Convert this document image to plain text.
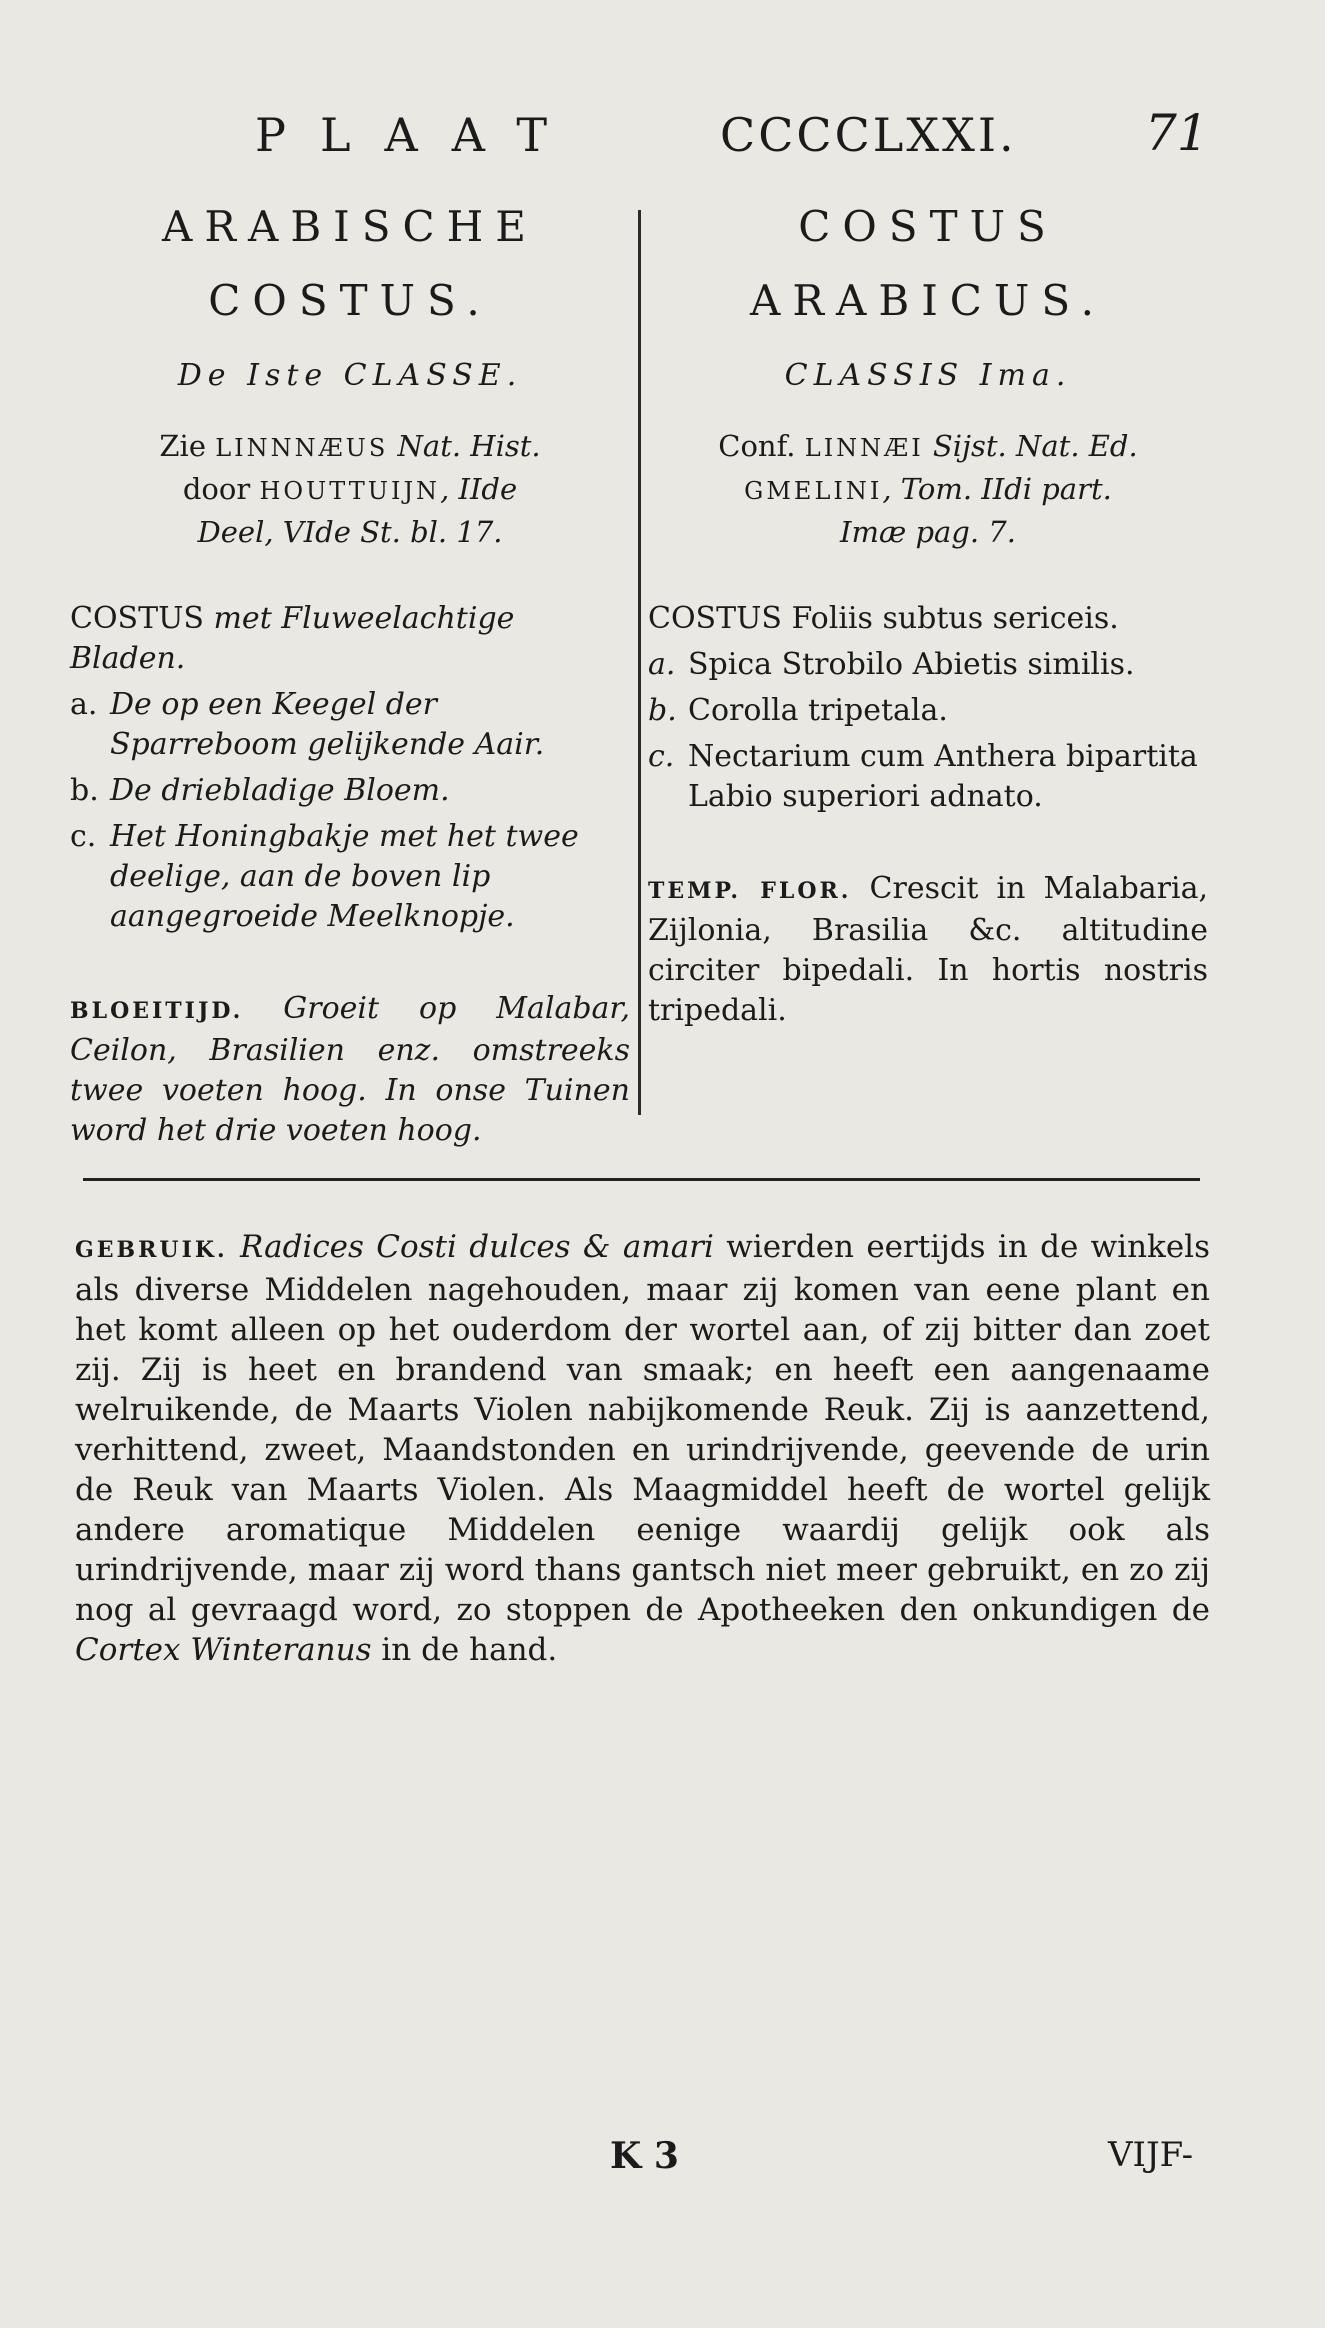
PLAAT	CCCCLXXI.	71
ARABISCHE
COSTUS.
De Iste CLASSE.
Zie LINNNÆUS Nat. Hist.
door HOUTTUIJN, IIde
Deel, VIde St. bl. 17.
COSTUS met Fluweelachtige Bladen.
a. De op een Keegel der Sparreboom gelijkende Aair.
b. De driebladige Bloem.
c. Het Honingbakje met het twee deelige, aan de boven lip aangegroeide Meelknopje.
BLOEITIJD. Groeit op Malabar, Ceilon, Brasilien enz. omstreeks twee voeten hoog. In onse Tuinen word het drie voeten hoog.
COSTUS
ARABICUS.
CLASSIS Ima.
Conf. LINNÆI Sijst. Nat. Ed.
GMELINI, Tom. IIdi part.
Imæ pag. 7.
COSTUS Foliis subtus sericeis.
a. Spica Strobilo Abietis similis.
b. Corolla tripetala.
c. Nectarium cum Anthera bipartita Labio superiori adnato.
TEMP. FLOR. Crescit in Malabaria, Zijlonia, Brasilia &c. altitudine circiter bipedali. In hortis nostris tripedali.
GEBRUIK. Radices Costi dulces & amari wierden eertijds in de winkels als diverse Middelen nagehouden, maar zij komen van eene plant en het komt alleen op het ouderdom der wortel aan, of zij bitter dan zoet zij. Zij is heet en brandend van smaak; en heeft een aangenaame welruikende, de Maarts Violen nabijkomende Reuk. Zij is aanzettend, verhittend, zweet, Maandstonden en urindrijvende, geevende de urin de Reuk van Maarts Violen. Als Maagmiddel heeft de wortel gelijk andere aromatique Middelen eenige waardij gelijk ook als urindrijvende, maar zij word thans gantsch niet meer gebruikt, en zo zij nog al gevraagd word, zo stoppen de Apotheeken den onkundigen de Cortex Winteranus in de hand.
K 3	VIJF-
